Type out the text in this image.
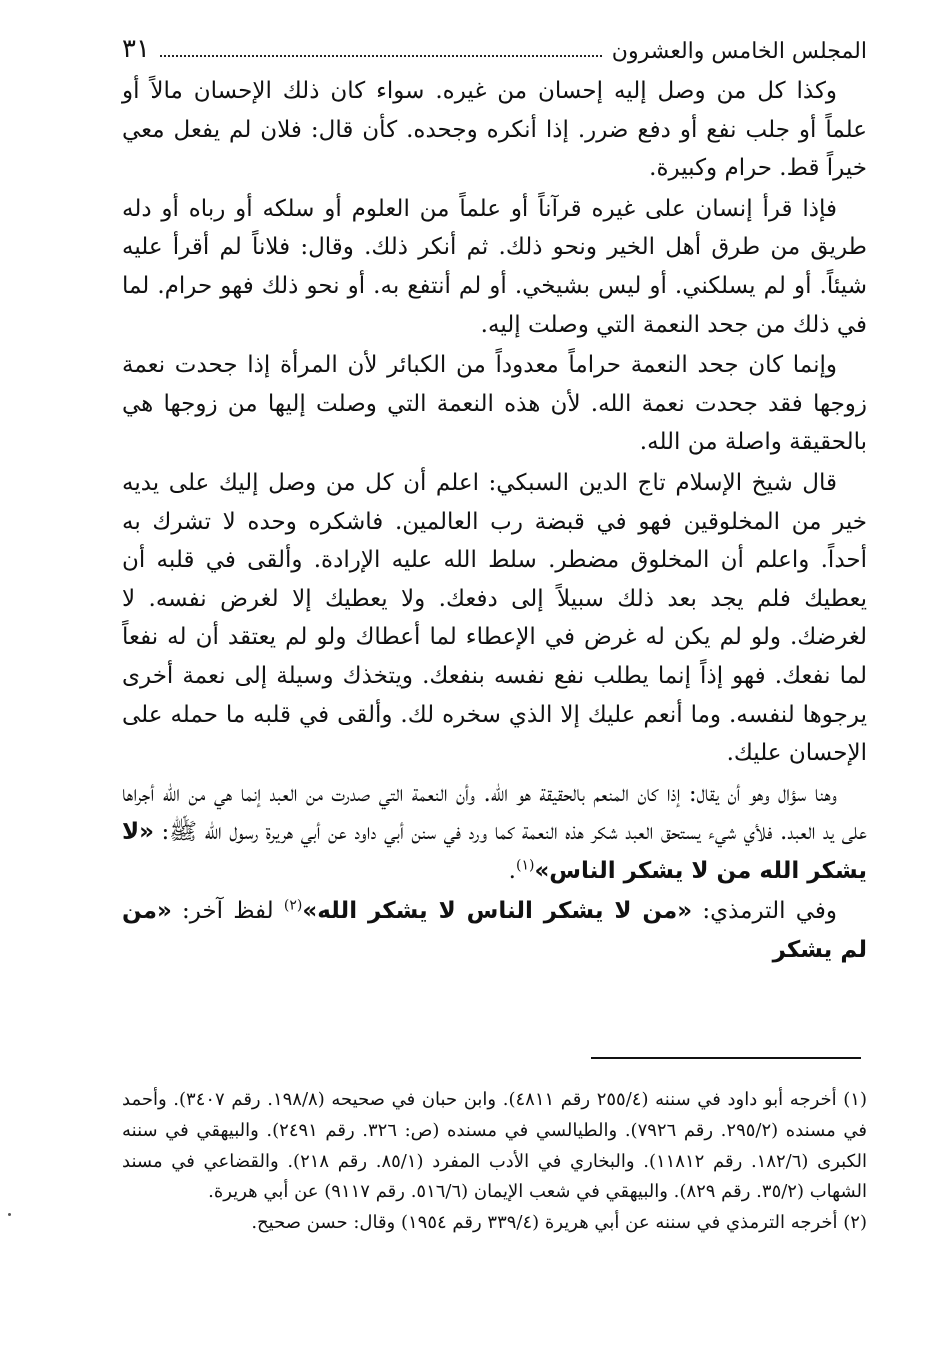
المجلس الخامس والعشرون
٣١

وكذا كل من وصل إليه إحسان من غيره. سواء كان ذلك الإحسان مالاً أو علماً أو جلب نفع أو دفع ضرر. إذا أنكره وجحده. كأن قال: فلان لم يفعل معي خيراً قط. حرام وكبيرة.

فإذا قرأ إنسان على غيره قرآناً أو علماً من العلوم أو سلكه أو رباه أو دله طريق من طرق أهل الخير ونحو ذلك. ثم أنكر ذلك. وقال: فلاناً لم أقرأ عليه شيئاً. أو لم يسلكني. أو ليس بشيخي. أو لم أنتفع به. أو نحو ذلك فهو حرام. لما في ذلك من جحد النعمة التي وصلت إليه.

وإنما كان جحد النعمة حراماً معدوداً من الكبائر لأن المرأة إذا جحدت نعمة زوجها فقد جحدت نعمة الله. لأن هذه النعمة التي وصلت إليها من زوجها هي بالحقيقة واصلة من الله.

قال شيخ الإسلام تاج الدين السبكي: اعلم أن كل من وصل إليك على يديه خير من المخلوقين فهو في قبضة رب العالمين. فاشكره وحده لا تشرك به أحداً. واعلم أن المخلوق مضطر. سلط الله عليه الإرادة. وألقى في قلبه أن يعطيك فلم يجد بعد ذلك سبيلاً إلى دفعك. ولا يعطيك إلا لغرض نفسه. لا لغرضك. ولو لم يكن له غرض في الإعطاء لما أعطاك ولو لم يعتقد أن له نفعاً لما نفعك. فهو إذاً إنما يطلب نفع نفسه بنفعك. ويتخذك وسيلة إلى نعمة أخرى يرجوها لنفسه. وما أنعم عليك إلا الذي سخره لك. وألقى في قلبه ما حمله على الإحسان عليك.

وهنا سؤال وهو أن يقال: إذا كان المنعم بالحقيقة هو الله. وأن النعمة التي صدرت من العبد إنما هي من الله أجراها على يد العبد. فلأي شيء يستحق العبد شكر هذه النعمة كما ورد في سنن أبي داود عن أبي هريرة رسول الله ﷺ: «لا يشكر الله من لا يشكر الناس»$^{(١)}$.

وفي الترمذي: «من لا يشكر الناس لا يشكر الله»$^{(٢)}$ لفظ آخر: «من لم يشكر

(١) أخرجه أبو داود في سننه (٢٥٥/٤ رقم ٤٨١١). وابن حبان في صحيحه (١٩٨/٨. رقم ٣٤٠٧). وأحمد في مسنده (٢٩٥/٢. رقم ٧٩٢٦). والطيالسي في مسنده (ص: ٣٢٦. رقم ٢٤٩١). والبيهقي في سننه الكبرى (١٨٢/٦. رقم ١١٨١٢). والبخاري في الأدب المفرد (٨٥/١. رقم ٢١٨). والقضاعي في مسند الشهاب (٣٥/٢. رقم ٨٢٩). والبيهقي في شعب الإيمان (٥١٦/٦. رقم ٩١١٧) عن أبي هريرة.

(٢) أخرجه الترمذي في سننه عن أبي هريرة (٣٣٩/٤ رقم ١٩٥٤) وقال: حسن صحيح.
